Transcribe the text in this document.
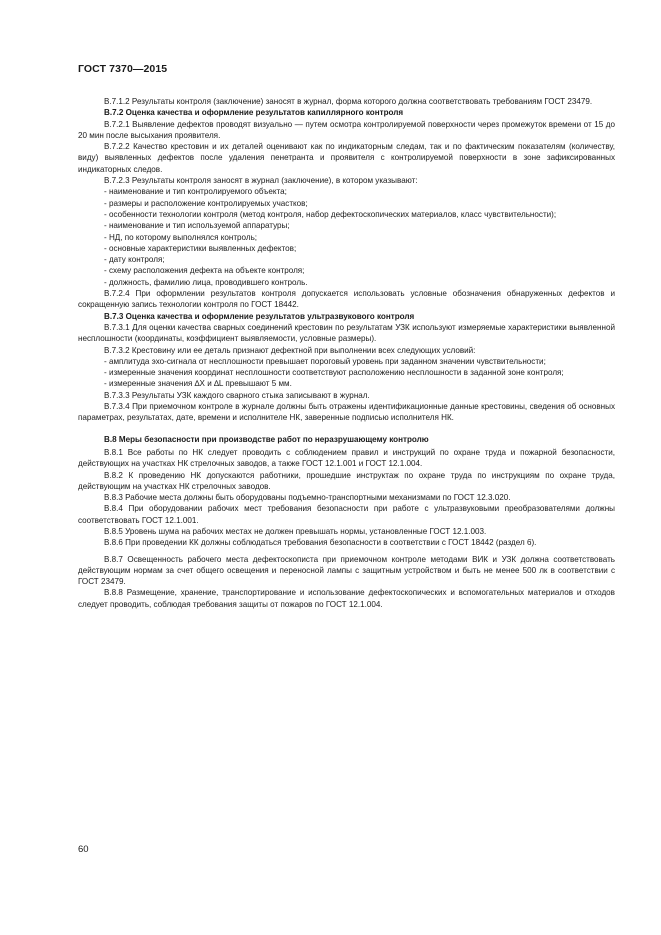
ГОСТ 7370—2015

В.7.1.2 Результаты контроля (заключение) заносят в журнал, форма которого должна соответствовать требованиям ГОСТ 23479.

В.7.2 Оценка качества и оформление результатов капиллярного контроля

В.7.2.1 Выявление дефектов проводят визуально — путем осмотра контролируемой поверхности через промежуток времени от 15 до 20 мин после высыхания проявителя.

В.7.2.2 Качество крестовин и их деталей оценивают как по индикаторным следам, так и по фактическим показателям (количеству, виду) выявленных дефектов после удаления пенетранта и проявителя с контролируемой поверхности в зоне зафиксированных индикаторных следов.

В.7.2.3 Результаты контроля заносят в журнал (заключение), в котором указывают:

- наименование и тип контролируемого объекта;

- размеры и расположение контролируемых участков;

- особенности технологии контроля (метод контроля, набор дефектоскопических материалов, класс чувствительности);

- наименование и тип используемой аппаратуры;

- НД, по которому выполнялся контроль;

- основные характеристики выявленных дефектов;

- дату контроля;

- схему расположения дефекта на объекте контроля;

- должность, фамилию лица, проводившего контроль.

В.7.2.4 При оформлении результатов контроля допускается использовать условные обозначения обнаруженных дефектов и сокращенную запись технологии контроля по ГОСТ 18442.

В.7.3 Оценка качества и оформление результатов ультразвукового контроля

В.7.3.1 Для оценки качества сварных соединений крестовин по результатам УЗК используют измеряемые характеристики выявленной несплошности (координаты, коэффициент выявляемости, условные размеры).

В.7.3.2 Крестовину или ее деталь признают дефектной при выполнении всех следующих условий:

- амплитуда эхо-сигнала от несплошности превышает пороговый уровень при заданном значении чувствительности;

- измеренные значения координат несплошности соответствуют расположению несплошности в заданной зоне контроля;

- измеренные значения ∆X и ∆L превышают 5 мм.

В.7.3.3 Результаты УЗК каждого сварного стыка записывают в журнал.

В.7.3.4 При приемочном контроле в журнале должны быть отражены идентификационные данные крестовины, сведения об основных параметрах, результатах, дате, времени и исполнителе НК, заверенные подписью исполнителя НК.

В.8 Меры безопасности при производстве работ по неразрушающему контролю

В.8.1 Все работы по НК следует проводить с соблюдением правил и инструкций по охране труда и пожарной безопасности, действующих на участках НК стрелочных заводов, а также ГОСТ 12.1.001 и ГОСТ 12.1.004.

В.8.2 К проведению НК допускаются работники, прошедшие инструктаж по охране труда по инструкциям по охране труда, действующим на участках НК стрелочных заводов.

В.8.3 Рабочие места должны быть оборудованы подъемно-транспортными механизмами по ГОСТ 12.3.020.

В.8.4 При оборудовании рабочих мест требования безопасности при работе с ультразвуковыми преобразователями должны соответствовать ГОСТ 12.1.001.

В.8.5 Уровень шума на рабочих местах не должен превышать нормы, установленные ГОСТ 12.1.003.

В.8.6 При проведении КК должны соблюдаться требования безопасности в соответствии с ГОСТ 18442 (раздел 6).

В.8.7 Освещенность рабочего места дефектоскописта при приемочном контроле методами ВИК и УЗК должна соответствовать действующим нормам за счет общего освещения и переносной лампы с защитным устройством и быть не менее 500 лк в соответствии с ГОСТ 23479.

В.8.8 Размещение, хранение, транспортирование и использование дефектоскопических и вспомогательных материалов и отходов следует проводить, соблюдая требования защиты от пожаров по ГОСТ 12.1.004.

60
